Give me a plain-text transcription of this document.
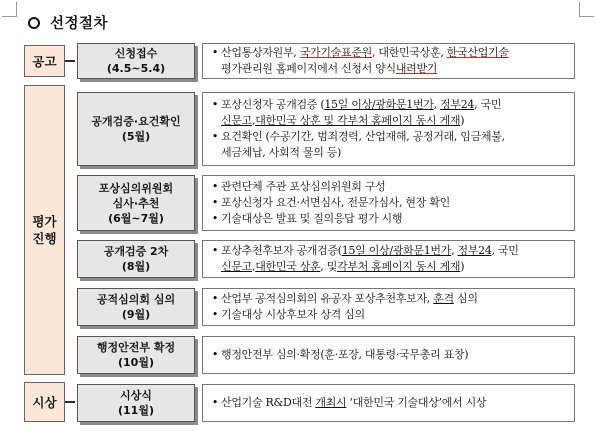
선정절차
공고
평가
진행
시상
신청접수
(4.5~5.4)
• 산업통상자원부, 국가기술표준원, 대한민국상훈, 한국산업기술
평가관리원 홈페이지에서 신청서 양식 내려받기
공개검증·요건확인
(5월)
• 포상신청자 공개검증 (15일 이상/광화문1번가, 정부24, 국민
신문고 , 대한민국 상훈 및 각부처 홈페이지 동시 게재 )
• 요건확인 (수공기간, 범죄경력, 산업재해, 공정거래, 임금체불,
세금체납, 사회적 물의 등)
포상심의위원회
심사·추천
(6월~7월)
• 관련단체 주관 포상심의위원회 구성
• 포상신청자 요건·서면심사, 전문가심사, 현장 확인
• 기술대상은 발표 및 질의응답 평가 시행
공개검증 2차
(8월)
• 포상추천후보자 공개검증(15일 이상/광화문1번가, 정부24, 국민
신문고 , 대한민국 상훈 , 및 각부처 홈페이지 동시 게재 )
공적심의회 심의
(9월)
• 산업부 공적심의회의 유공자 포상추천후보자, 훈격 심의
• 기술대상 시상후보자 상격 심의
행정안전부 확정
(10월)
• 행정안전부 심의·확정(훈·포장, 대통령·국무총리 표창)
시상식
(11월)
• 산업기술 R&D대전 개최시 ‘대한민국 기술대상’에서 시상
